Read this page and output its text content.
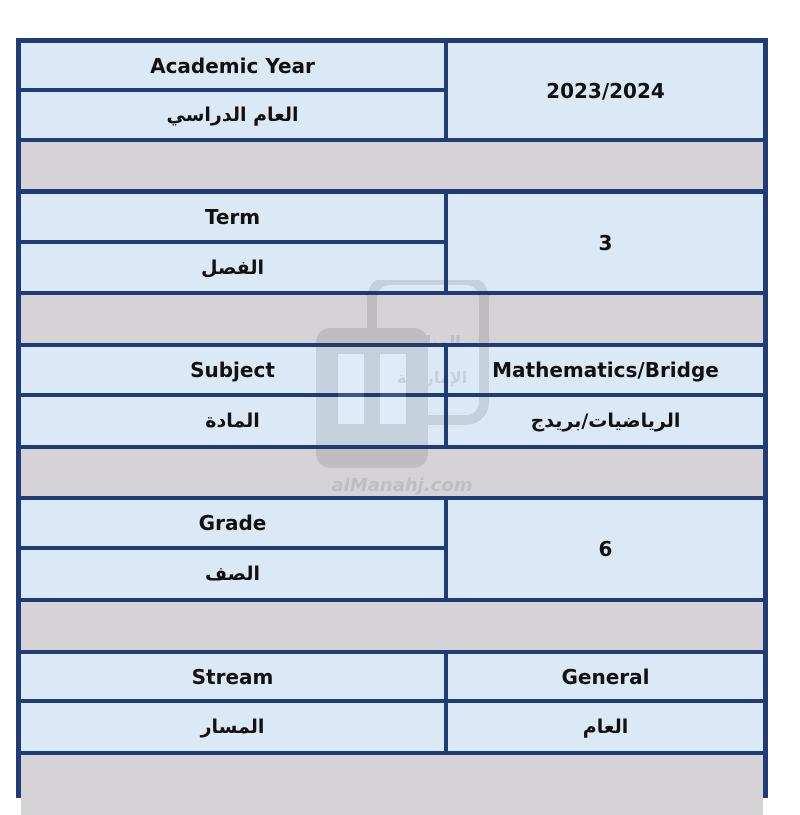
Academic Year
العام الدراسي
2023/2024
Term
الفصل
3
Subject
المادة
Mathematics/Bridge
الرياضيات/بريدج
Grade
الصف
6
Stream
المسار
General
العام
